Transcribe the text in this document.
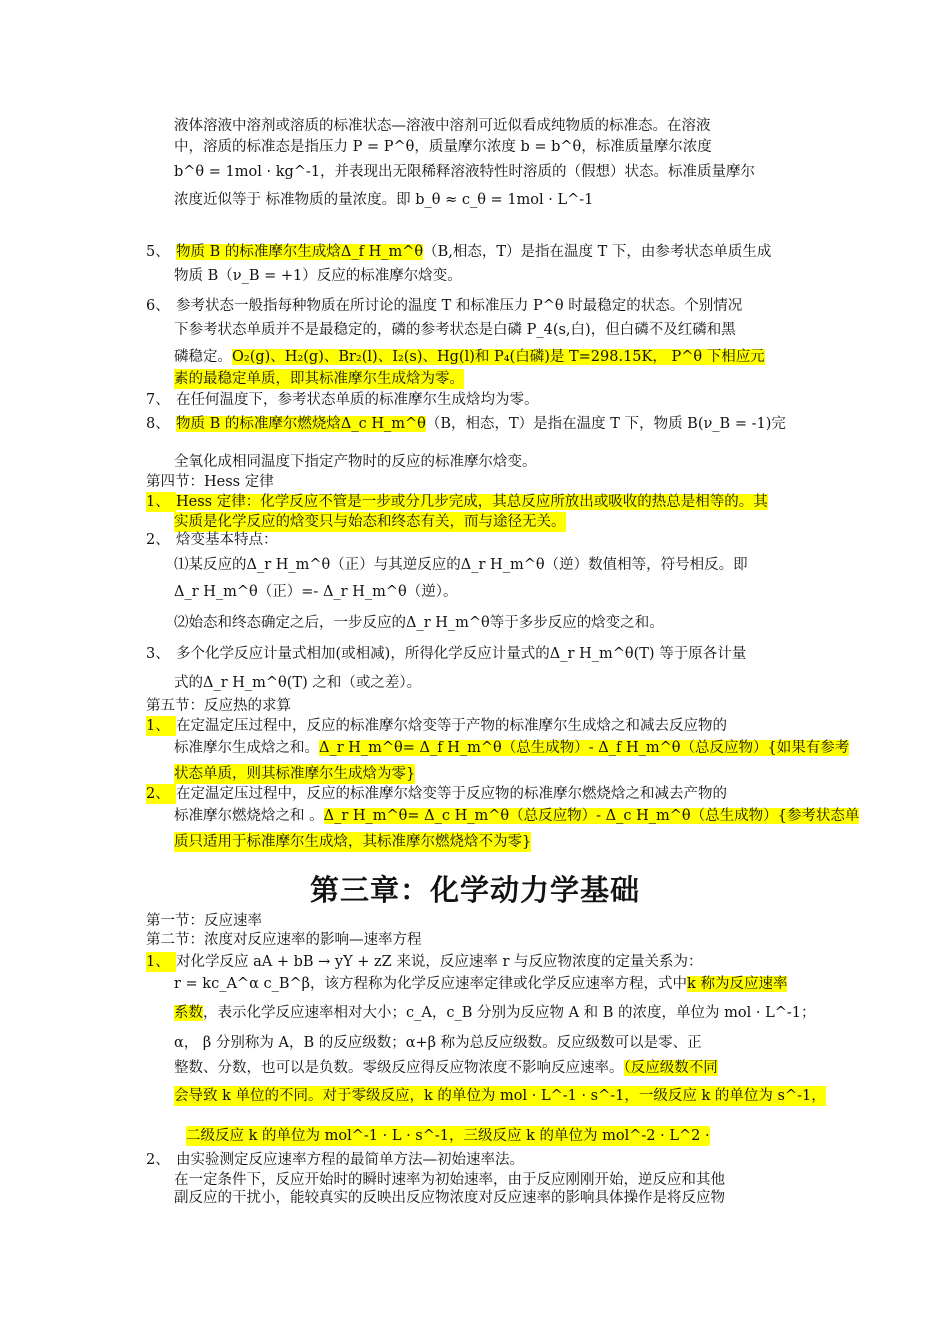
液体溶液中溶剂或溶质的标准状态—溶液中溶剂可近似看成纯物质的标准态。在溶液
中，溶质的标准态是指压力 P = P^θ，质量摩尔浓度 b = b^θ，标准质量摩尔浓度
b^θ = 1mol · kg^-1，并表现出无限稀释溶液特性时溶质的（假想）状态。标准质量摩尔
浓度近似等于 标准物质的量浓度。即 b_θ ≈ c_θ = 1mol · L^-1
5、 物质 B 的标准摩尔生成焓Δ_f H_m^θ（B,相态，T）是指在温度 T 下，由参考状态单质生成
物质 B（ν_B = +1）反应的标准摩尔焓变。
6、 参考状态一般指每种物质在所讨论的温度 T 和标准压力 P^θ 时最稳定的状态。个别情况
下参考状态单质并不是最稳定的，磷的参考状态是白磷 P_4(s,白)，但白磷不及红磷和黑
磷稳定。O₂(g)、H₂(g)、Br₂(l)、I₂(s)、Hg(l)和 P₄(白磷)是 T=298.15K， P^θ 下相应元
素的最稳定单质，即其标准摩尔生成焓为零。
7、 在任何温度下，参考状态单质的标准摩尔生成焓均为零。
8、 物质 B 的标准摩尔燃烧焓Δ_c H_m^θ（B，相态，T）是指在温度 T 下，物质 B(ν_B = -1)完
全氧化成相同温度下指定产物时的反应的标准摩尔焓变。
第四节：Hess 定律
1、 Hess 定律：化学反应不管是一步或分几步完成，其总反应所放出或吸收的热总是相等的。其
实质是化学反应的焓变只与始态和终态有关，而与途径无关。
2、 焓变基本特点：
⑴某反应的Δ_r H_m^θ（正）与其逆反应的Δ_r H_m^θ（逆）数值相等，符号相反。即
Δ_r H_m^θ（正）=- Δ_r H_m^θ（逆）。
⑵始态和终态确定之后，一步反应的Δ_r H_m^θ等于多步反应的焓变之和。
3、 多个化学反应计量式相加(或相减)，所得化学反应计量式的Δ_r H_m^θ(T) 等于原各计量
式的Δ_r H_m^θ(T) 之和（或之差）。
第五节：反应热的求算
1、 在定温定压过程中，反应的标准摩尔焓变等于产物的标准摩尔生成焓之和减去反应物的
标准摩尔生成焓之和。Δ_r H_m^θ= Δ_f H_m^θ（总生成物）- Δ_f H_m^θ（总反应物）{如果有参考
状态单质，则其标准摩尔生成焓为零}
2、 在定温定压过程中，反应的标准摩尔焓变等于反应物的标准摩尔燃烧焓之和减去产物的
标准摩尔燃烧焓之和 。Δ_r H_m^θ= Δ_c H_m^θ（总反应物）- Δ_c H_m^θ（总生成物）{参考状态单
质只适用于标准摩尔生成焓，其标准摩尔燃烧焓不为零}
第三章：化学动力学基础
第一节：反应速率
第二节：浓度对反应速率的影响—速率方程
1、 对化学反应 aA + bB → yY + zZ 来说，反应速率 r 与反应物浓度的定量关系为：
r = kc_A^α c_B^β，该方程称为化学反应速率定律或化学反应速率方程，式中k 称为反应速率
系数，表示化学反应速率相对大小；c_A，c_B 分别为反应物 A 和 B 的浓度，单位为 mol · L^-1；
α， β 分别称为 A，B 的反应级数；α+β 称为总反应级数。反应级数可以是零、正
整数、分数，也可以是负数。零级反应得反应物浓度不影响反应速率。（反应级数不同
会导致 k 单位的不同。对于零级反应，k 的单位为 mol · L^-1 · s^-1，一级反应 k 的单位为 s^-1，
二级反应 k 的单位为 mol^-1 · L · s^-1，三级反应 k 的单位为 mol^-2 · L^2 ·
2、 由实验测定反应速率方程的最简单方法—初始速率法。
在一定条件下，反应开始时的瞬时速率为初始速率，由于反应刚刚开始，逆反应和其他
副反应的干扰小，能较真实的反映出反应物浓度对反应速率的影响具体操作是将反应物
